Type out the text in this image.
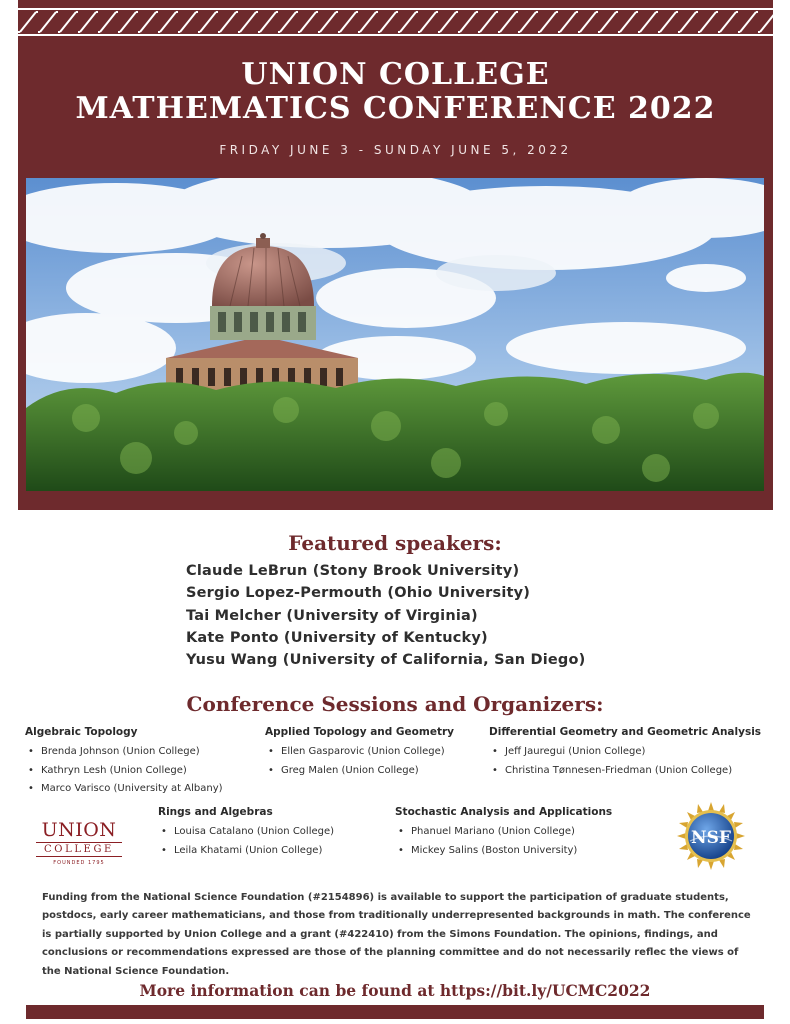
UNION COLLEGE
MATHEMATICS CONFERENCE 2022
FRIDAY JUNE 3 - SUNDAY JUNE 5, 2022
Featured speakers:
Claude LeBrun (Stony Brook University)
Sergio Lopez-Permouth (Ohio University)
Tai Melcher (University of Virginia)
Kate Ponto (University of Kentucky)
Yusu Wang (University of California, San Diego)
Conference Sessions and Organizers:
Algebraic Topology
• Brenda Johnson (Union College)
• Kathryn Lesh (Union College)
• Marco Varisco (University at Albany)
Applied Topology and Geometry
• Ellen Gasparovic (Union College)
• Greg Malen (Union College)
Differential Geometry and Geometric Analysis
• Jeff Jauregui (Union College)
• Christina Tønnesen-Friedman (Union College)
Rings and Algebras
• Louisa Catalano (Union College)
• Leila Khatami (Union College)
Stochastic Analysis and Applications
• Phanuel Mariano (Union College)
• Mickey Salins (Boston University)
UNION
COLLEGE
FOUNDED 1795
NSF
Funding from the National Science Foundation (#2154896) is available to support the participation of graduate students, postdocs, early career mathematicians, and those from traditionally underrepresented backgrounds in math. The conference is partially supported by Union College and a grant (#422410) from the Simons Foundation. The opinions, findings, and conclusions or recommendations expressed are those of the planning committee and do not necessarily reflec the views of the National Science Foundation.
More information can be found at https://bit.ly/UCMC2022
